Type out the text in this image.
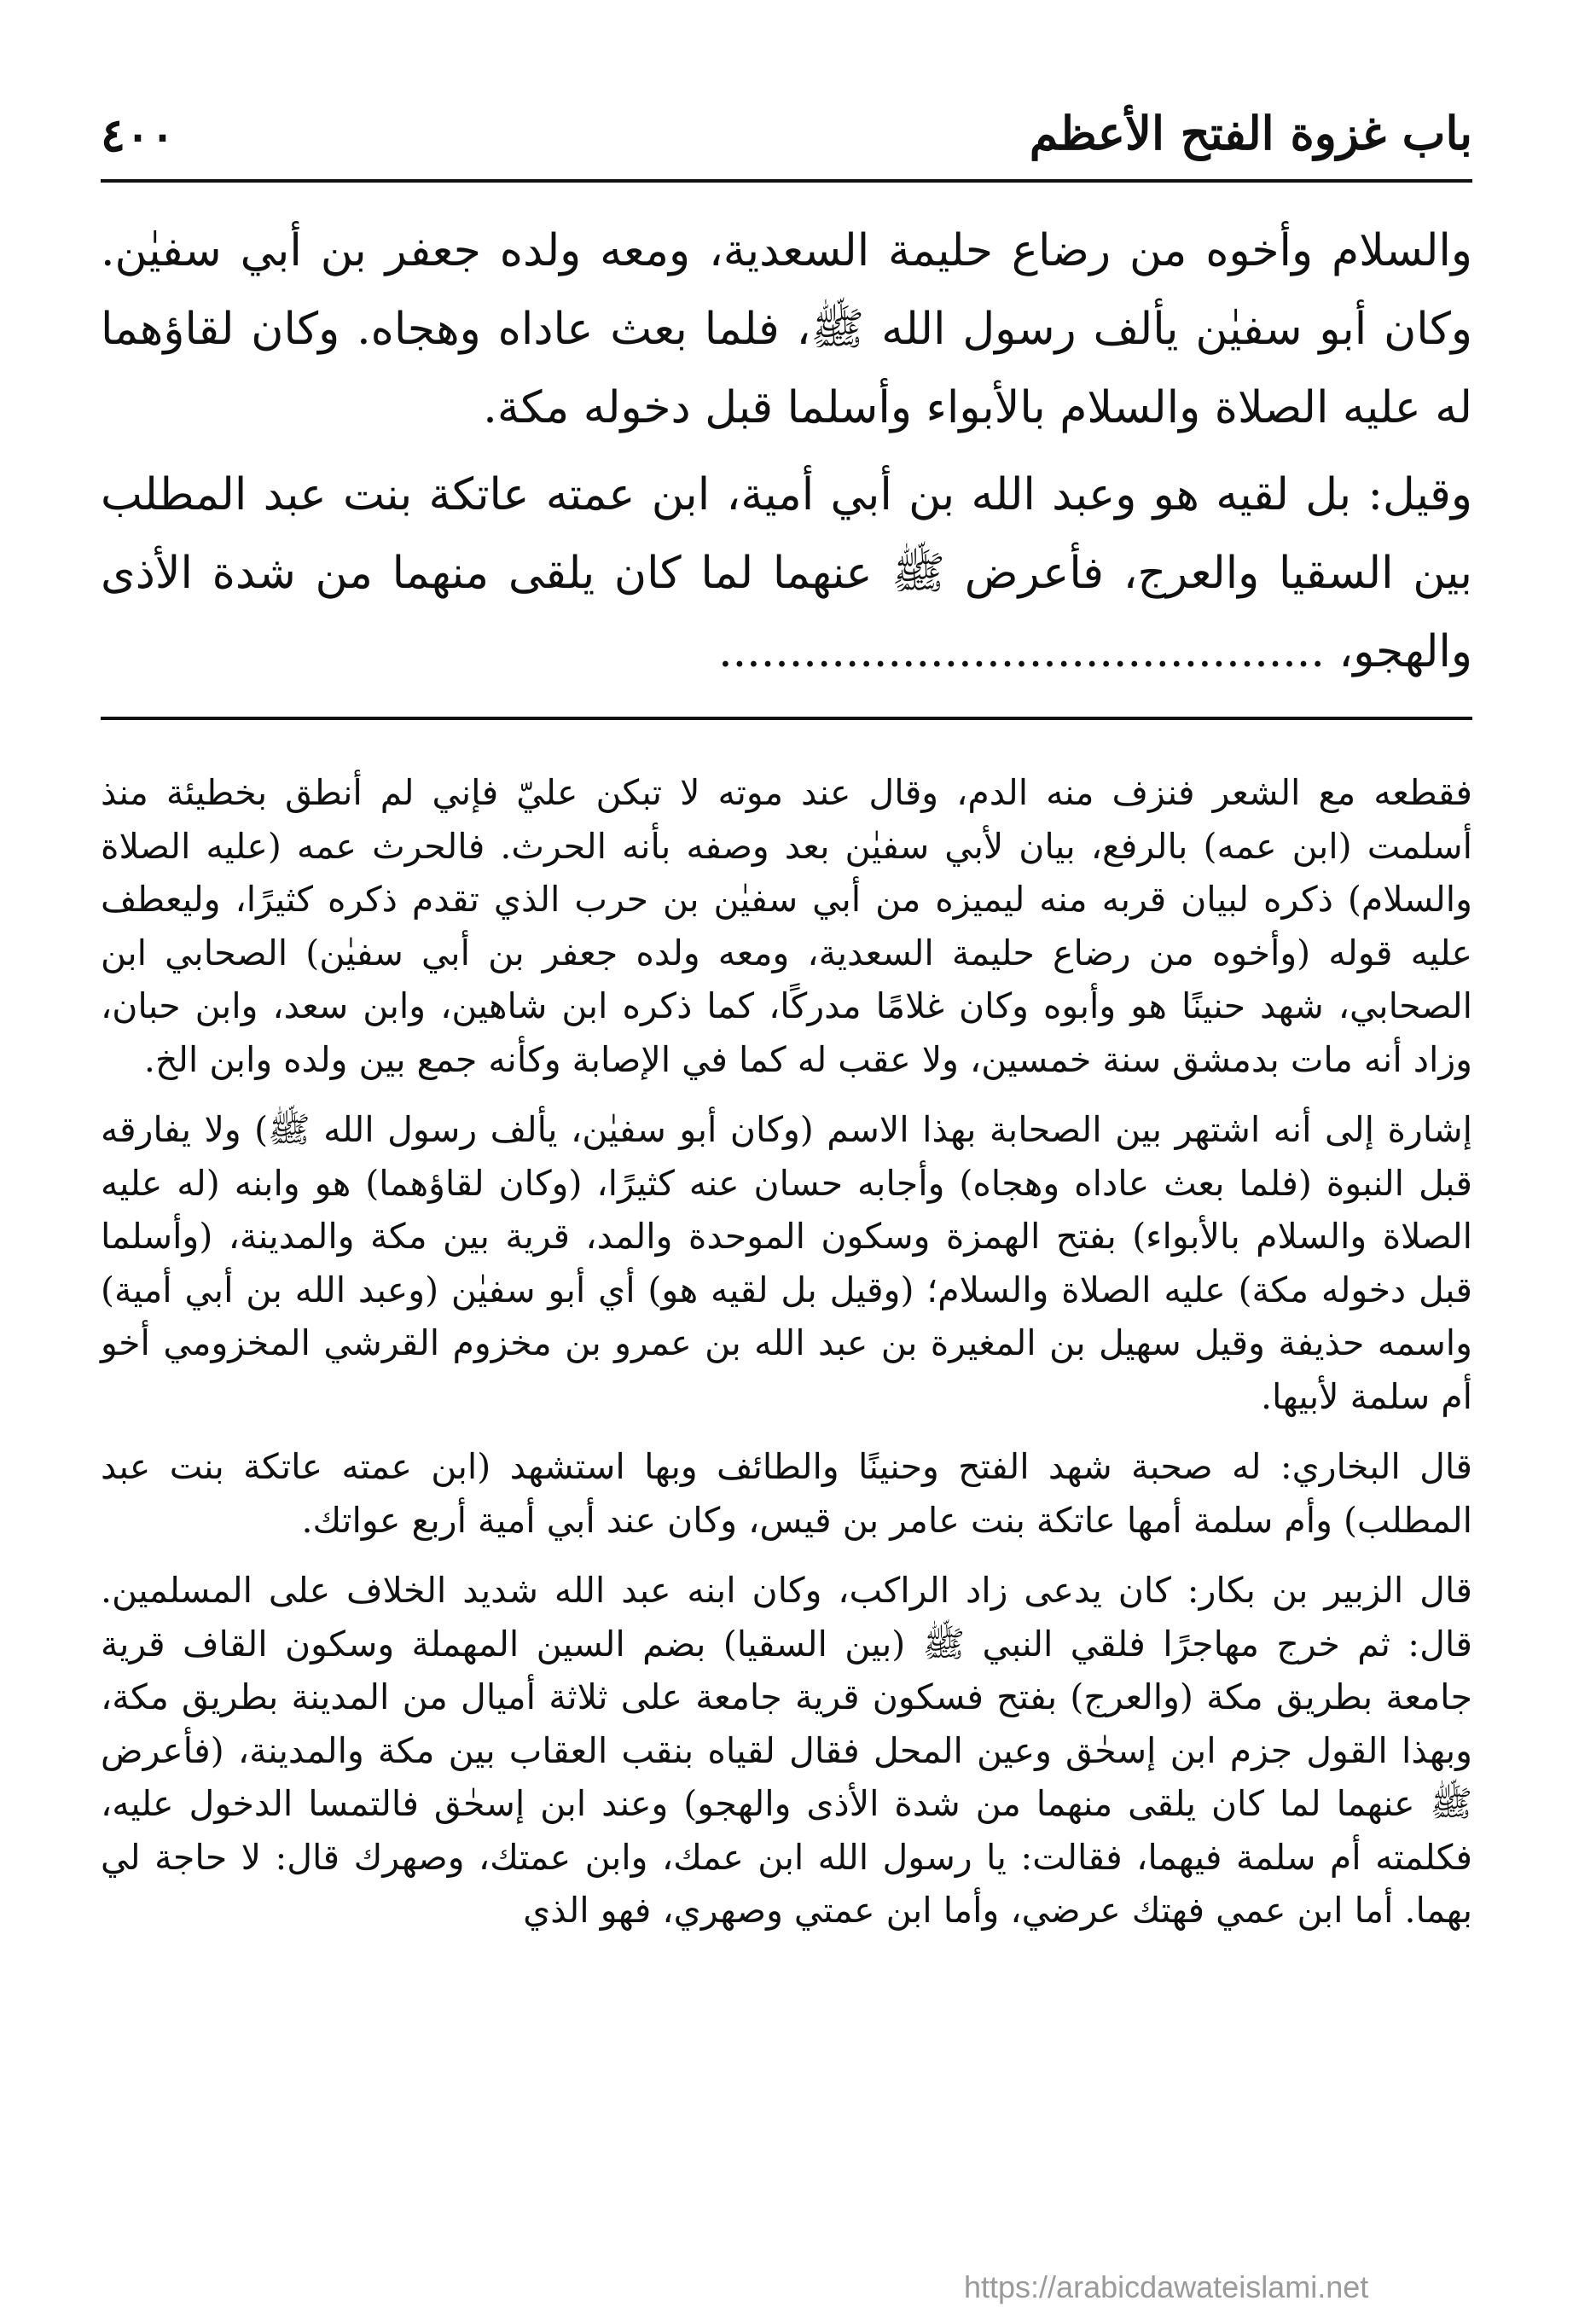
باب غزوة الفتح الأعظم
٤٠٠

والسلام وأخوه من رضاع حليمة السعدية، ومعه ولده جعفر بن أبي سفيٰن. وكان أبو سفيٰن يألف رسول الله ﷺ، فلما بعث عاداه وهجاه. وكان لقاؤهما له عليه الصلاة والسلام بالأبواء وأسلما قبل دخوله مكة.

وقيل: بل لقيه هو وعبد الله بن أبي أمية، ابن عمته عاتكة بنت عبد المطلب بين السقيا والعرج، فأعرض ﷺ عنهما لما كان يلقى منهما من شدة الأذى والهجو، ...........................................

فقطعه مع الشعر فنزف منه الدم، وقال عند موته لا تبكن عليّ فإني لم أنطق بخطيئة منذ أسلمت (ابن عمه) بالرفع، بيان لأبي سفيٰن بعد وصفه بأنه الحرث. فالحرث عمه (عليه الصلاة والسلام) ذكره لبيان قربه منه ليميزه من أبي سفيٰن بن حرب الذي تقدم ذكره كثيرًا، وليعطف عليه قوله (وأخوه من رضاع حليمة السعدية، ومعه ولده جعفر بن أبي سفيٰن) الصحابي ابن الصحابي، شهد حنينًا هو وأبوه وكان غلامًا مدركًا، كما ذكره ابن شاهين، وابن سعد، وابن حبان، وزاد أنه مات بدمشق سنة خمسين، ولا عقب له كما في الإصابة وكأنه جمع بين ولده وابن الخ.

إشارة إلى أنه اشتهر بين الصحابة بهذا الاسم (وكان أبو سفيٰن، يألف رسول الله ﷺ) ولا يفارقه قبل النبوة (فلما بعث عاداه وهجاه) وأجابه حسان عنه كثيرًا، (وكان لقاؤهما) هو وابنه (له عليه الصلاة والسلام بالأبواء) بفتح الهمزة وسكون الموحدة والمد، قرية بين مكة والمدينة، (وأسلما قبل دخوله مكة) عليه الصلاة والسلام؛ (وقيل بل لقيه هو) أي أبو سفيٰن (وعبد الله بن أبي أمية) واسمه حذيفة وقيل سهيل بن المغيرة بن عبد الله بن عمرو بن مخزوم القرشي المخزومي أخو أم سلمة لأبيها.

قال البخاري: له صحبة شهد الفتح وحنينًا والطائف وبها استشهد (ابن عمته عاتكة بنت عبد المطلب) وأم سلمة أمها عاتكة بنت عامر بن قيس، وكان عند أبي أمية أربع عواتك.

قال الزبير بن بكار: كان يدعى زاد الراكب، وكان ابنه عبد الله شديد الخلاف على المسلمين. قال: ثم خرج مهاجرًا فلقي النبي ﷺ (بين السقيا) بضم السين المهملة وسكون القاف قرية جامعة بطريق مكة (والعرج) بفتح فسكون قرية جامعة على ثلاثة أميال من المدينة بطريق مكة، وبهذا القول جزم ابن إسحٰق وعين المحل فقال لقياه بنقب العقاب بين مكة والمدينة، (فأعرض ﷺ عنهما لما كان يلقى منهما من شدة الأذى والهجو) وعند ابن إسحٰق فالتمسا الدخول عليه، فكلمته أم سلمة فيهما، فقالت: يا رسول الله ابن عمك، وابن عمتك، وصهرك قال: لا حاجة لي بهما. أما ابن عمي فهتك عرضي، وأما ابن عمتي وصهري، فهو الذي

https://arabicdawateislami.net
